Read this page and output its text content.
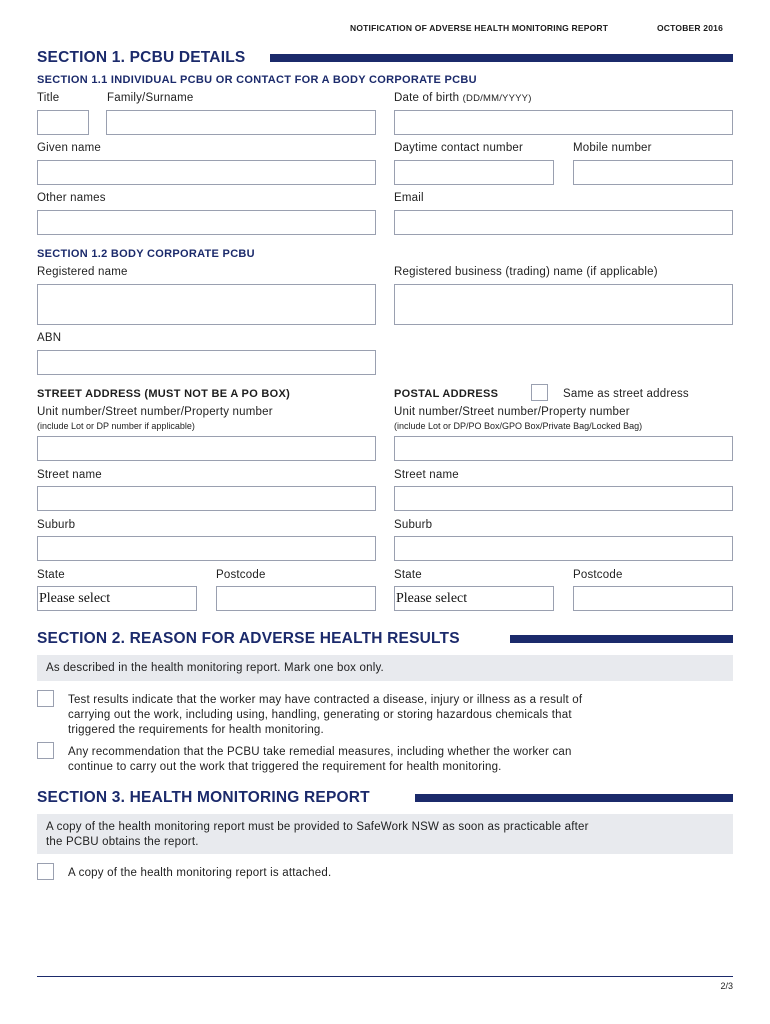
NOTIFICATION OF ADVERSE HEALTH MONITORING REPORT	OCTOBER 2016
SECTION 1. PCBU DETAILS
SECTION 1.1 INDIVIDUAL PCBU OR CONTACT FOR A BODY CORPORATE PCBU
Title	Family/Surname	Date of birth (DD/MM/YYYY)
Given name	Daytime contact number	Mobile number
Other names	Email
SECTION 1.2 BODY CORPORATE PCBU
Registered name	Registered business (trading) name (if applicable)
ABN
STREET ADDRESS (MUST NOT BE A PO BOX)
Unit number/Street number/Property number
(include Lot or DP number if applicable)
Street name
Suburb
State	Postcode
Please select
POSTAL ADDRESS	Same as street address
Unit number/Street number/Property number
(include Lot or DP/PO Box/GPO Box/Private Bag/Locked Bag)
Street name
Suburb
State	Postcode
Please select
SECTION 2. REASON FOR ADVERSE HEALTH RESULTS
As described in the health monitoring report. Mark one box only.
Test results indicate that the worker may have contracted a disease, injury or illness as a result of
carrying out the work, including using, handling, generating or storing hazardous chemicals that
triggered the requirements for health monitoring.
Any recommendation that the PCBU take remedial measures, including whether the worker can
continue to carry out the work that triggered the requirement for health monitoring.
SECTION 3. HEALTH MONITORING REPORT
A copy of the health monitoring report must be provided to SafeWork NSW as soon as practicable after
the PCBU obtains the report.
A copy of the health monitoring report is attached.
2/3
